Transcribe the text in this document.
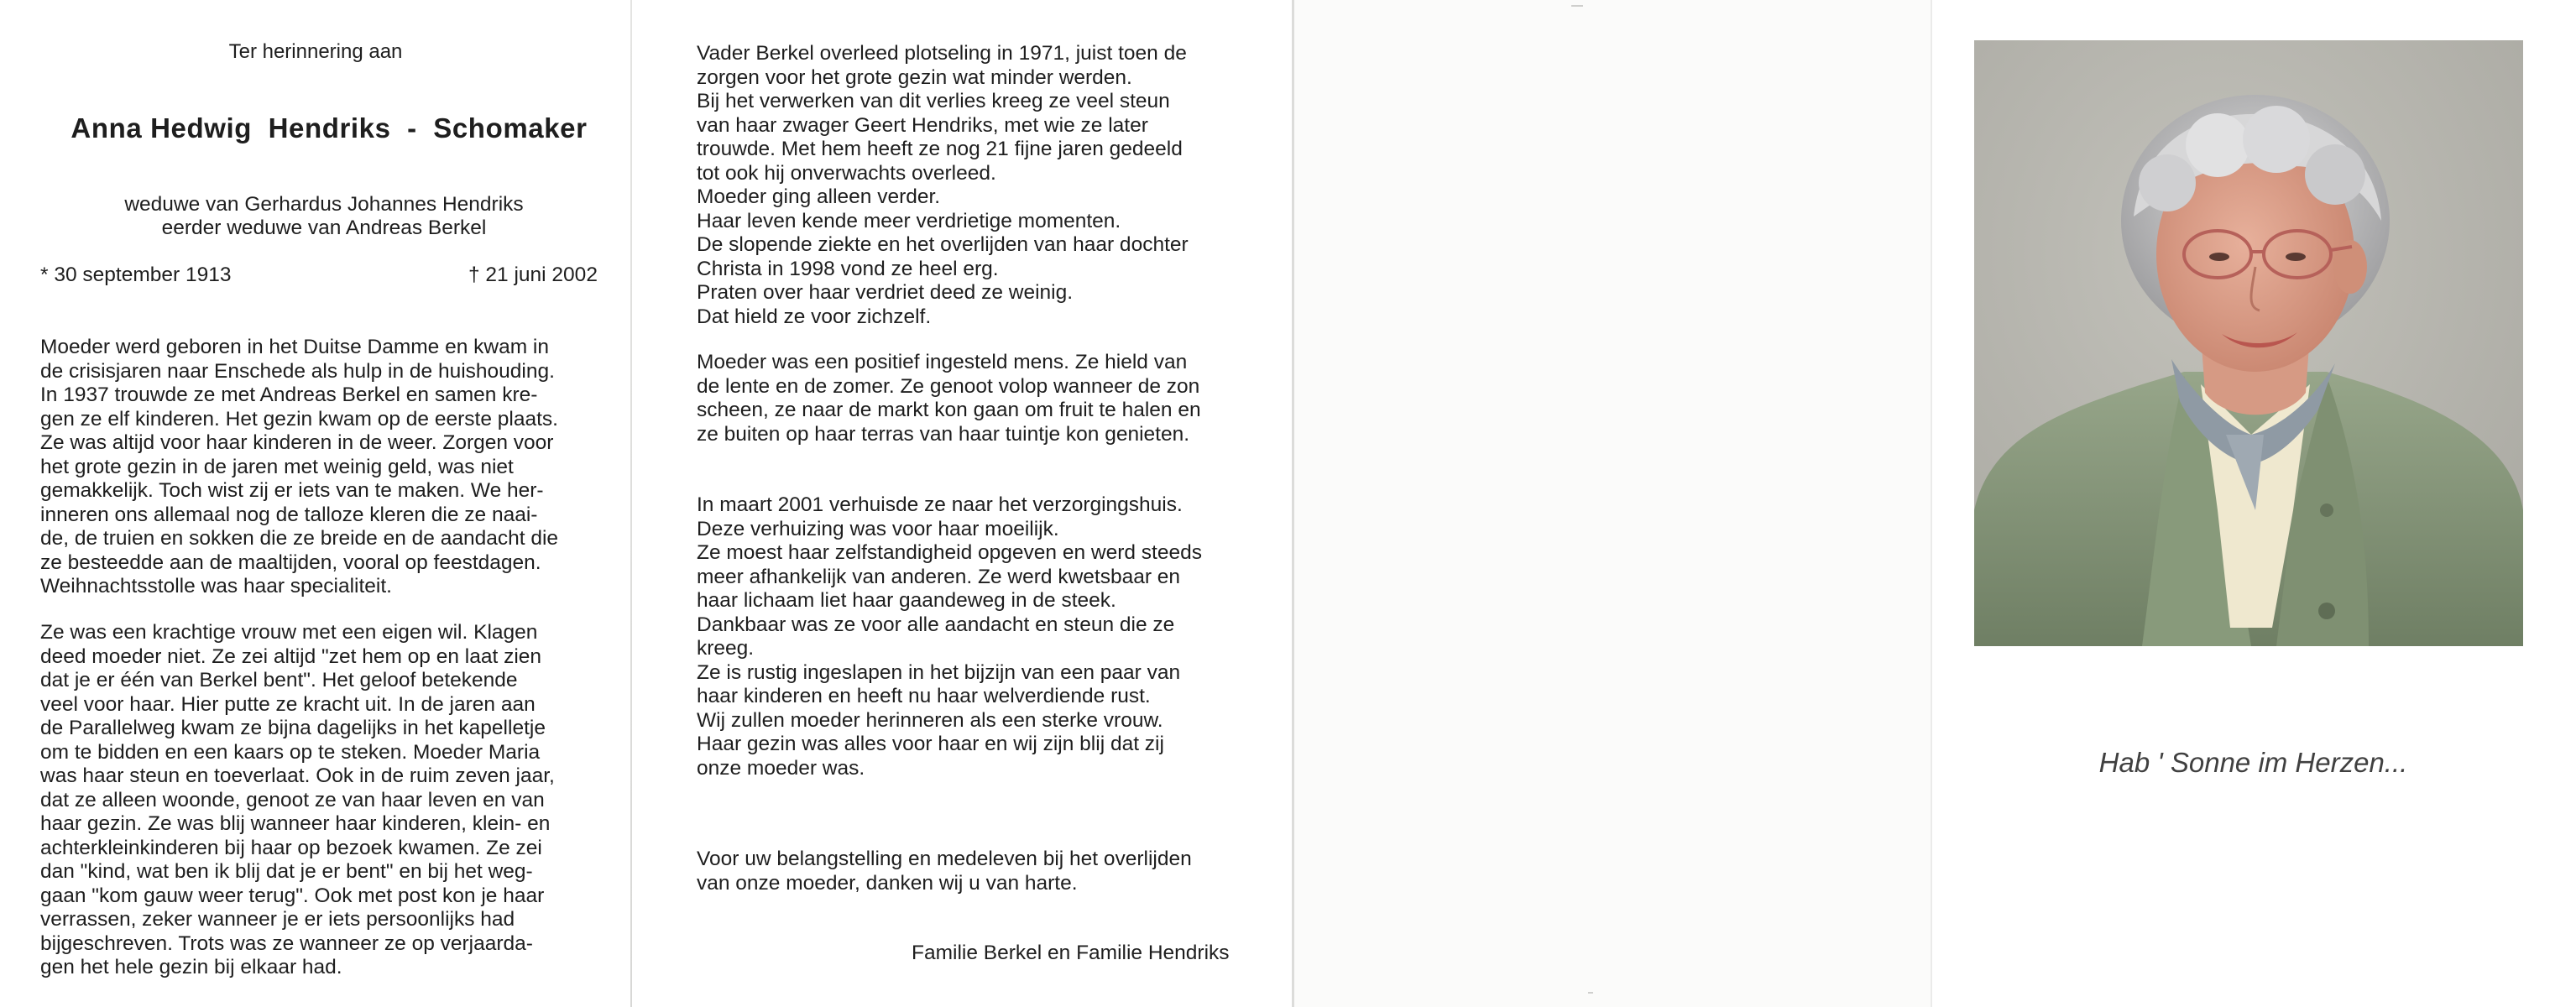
Ter herinnering aan
Anna Hedwig  Hendriks  -  Schomaker
weduwe van Gerhardus Johannes Hendriks
eerder weduwe van Andreas Berkel
* 30 september 1913	† 21 juni 2002

Moeder werd geboren in het Duitse Damme en kwam in
de crisisjaren naar Enschede als hulp in de huishouding.
In 1937 trouwde ze met Andreas Berkel en samen kre-
gen ze elf kinderen. Het gezin kwam op de eerste plaats.
Ze was altijd voor haar kinderen in de weer. Zorgen voor
het grote gezin in de jaren met weinig geld, was niet
gemakkelijk. Toch wist zij er iets van te maken. We her-
inneren ons allemaal nog de talloze kleren die ze naai-
de, de truien en sokken die ze breide en de aandacht die
ze besteedde aan de maaltijden, vooral op feestdagen.
Weihnachtsstolle was haar specialiteit.

Ze was een krachtige vrouw met een eigen wil. Klagen
deed moeder niet. Ze zei altijd "zet hem op en laat zien
dat je er één van Berkel bent". Het geloof betekende
veel voor haar. Hier putte ze kracht uit. In de jaren aan
de Parallelweg kwam ze bijna dagelijks in het kapelletje
om te bidden en een kaars op te steken. Moeder Maria
was haar steun en toeverlaat. Ook in de ruim zeven jaar,
dat ze alleen woonde, genoot ze van haar leven en van
haar gezin. Ze was blij wanneer haar kinderen, klein- en
achterkleinkinderen bij haar op bezoek kwamen. Ze zei
dan "kind, wat ben ik blij dat je er bent" en bij het weg-
gaan "kom gauw weer terug". Ook met post kon je haar
verrassen, zeker wanneer je er iets persoonlijks had
bijgeschreven. Trots was ze wanneer ze op verjaarda-
gen het hele gezin bij elkaar had.

Vader Berkel overleed plotseling in 1971, juist toen de
zorgen voor het grote gezin wat minder werden.
Bij het verwerken van dit verlies kreeg ze veel steun
van haar zwager Geert Hendriks, met wie ze later
trouwde. Met hem heeft ze nog 21 fijne jaren gedeeld
tot ook hij onverwachts overleed.
Moeder ging alleen verder.
Haar leven kende meer verdrietige momenten.
De slopende ziekte en het overlijden van haar dochter
Christa in 1998 vond ze heel erg.
Praten over haar verdriet deed ze weinig.
Dat hield ze voor zichzelf.

Moeder was een positief ingesteld mens. Ze hield van
de lente en de zomer. Ze genoot volop wanneer de zon
scheen, ze naar de markt kon gaan om fruit te halen en
ze buiten op haar terras van haar tuintje kon genieten.

In maart 2001 verhuisde ze naar het verzorgingshuis.
Deze verhuizing was voor haar moeilijk.
Ze moest haar zelfstandigheid opgeven en werd steeds
meer afhankelijk van anderen. Ze werd kwetsbaar en
haar lichaam liet haar gaandeweg in de steek.
Dankbaar was ze voor alle aandacht en steun die ze
kreeg.
Ze is rustig ingeslapen in het bijzijn van een paar van
haar kinderen en heeft nu haar welverdiende rust.
Wij zullen moeder herinneren als een sterke vrouw.
Haar gezin was alles voor haar en wij zijn blij dat zij
onze moeder was.

Voor uw belangstelling en medeleven bij het overlijden
van onze moeder, danken wij u van harte.

Familie Berkel en Familie Hendriks
Hab ' Sonne im Herzen...
